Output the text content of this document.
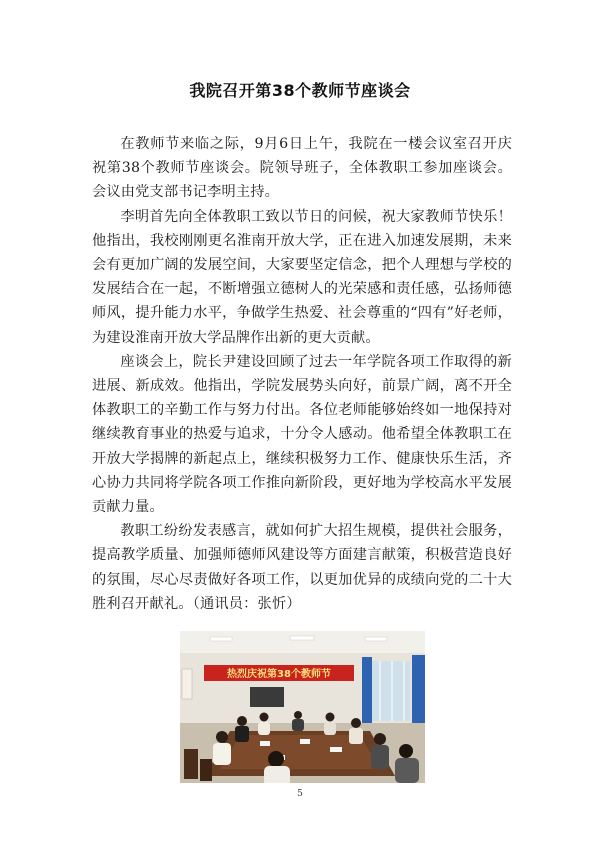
我院召开第38个教师节座谈会

在教师节来临之际，9月6日上午，我院在一楼会议室召开庆祝第38个教师节座谈会。院领导班子，全体教职工参加座谈会。会议由党支部书记李明主持。

李明首先向全体教职工致以节日的问候，祝大家教师节快乐！他指出，我校刚刚更名淮南开放大学，正在进入加速发展期，未来会有更加广阔的发展空间，大家要坚定信念，把个人理想与学校的发展结合在一起，不断增强立德树人的光荣感和责任感，弘扬师德师风，提升能力水平，争做学生热爱、社会尊重的“四有”好老师，为建设淮南开放大学品牌作出新的更大贡献。

座谈会上，院长尹建设回顾了过去一年学院各项工作取得的新进展、新成效。他指出，学院发展势头向好，前景广阔，离不开全体教职工的辛勤工作与努力付出。各位老师能够始终如一地保持对继续教育事业的热爱与追求，十分令人感动。他希望全体教职工在开放大学揭牌的新起点上，继续积极努力工作、健康快乐生活，齐心协力共同将学院各项工作推向新阶段，更好地为学校高水平发展贡献力量。

教职工纷纷发表感言，就如何扩大招生规模，提供社会服务，提高教学质量、加强师德师风建设等方面建言献策，积极营造良好的氛围，尽心尽责做好各项工作，以更加优异的成绩向党的二十大胜利召开献礼。（通讯员：张忻）

热烈庆祝第38个教师节
5
